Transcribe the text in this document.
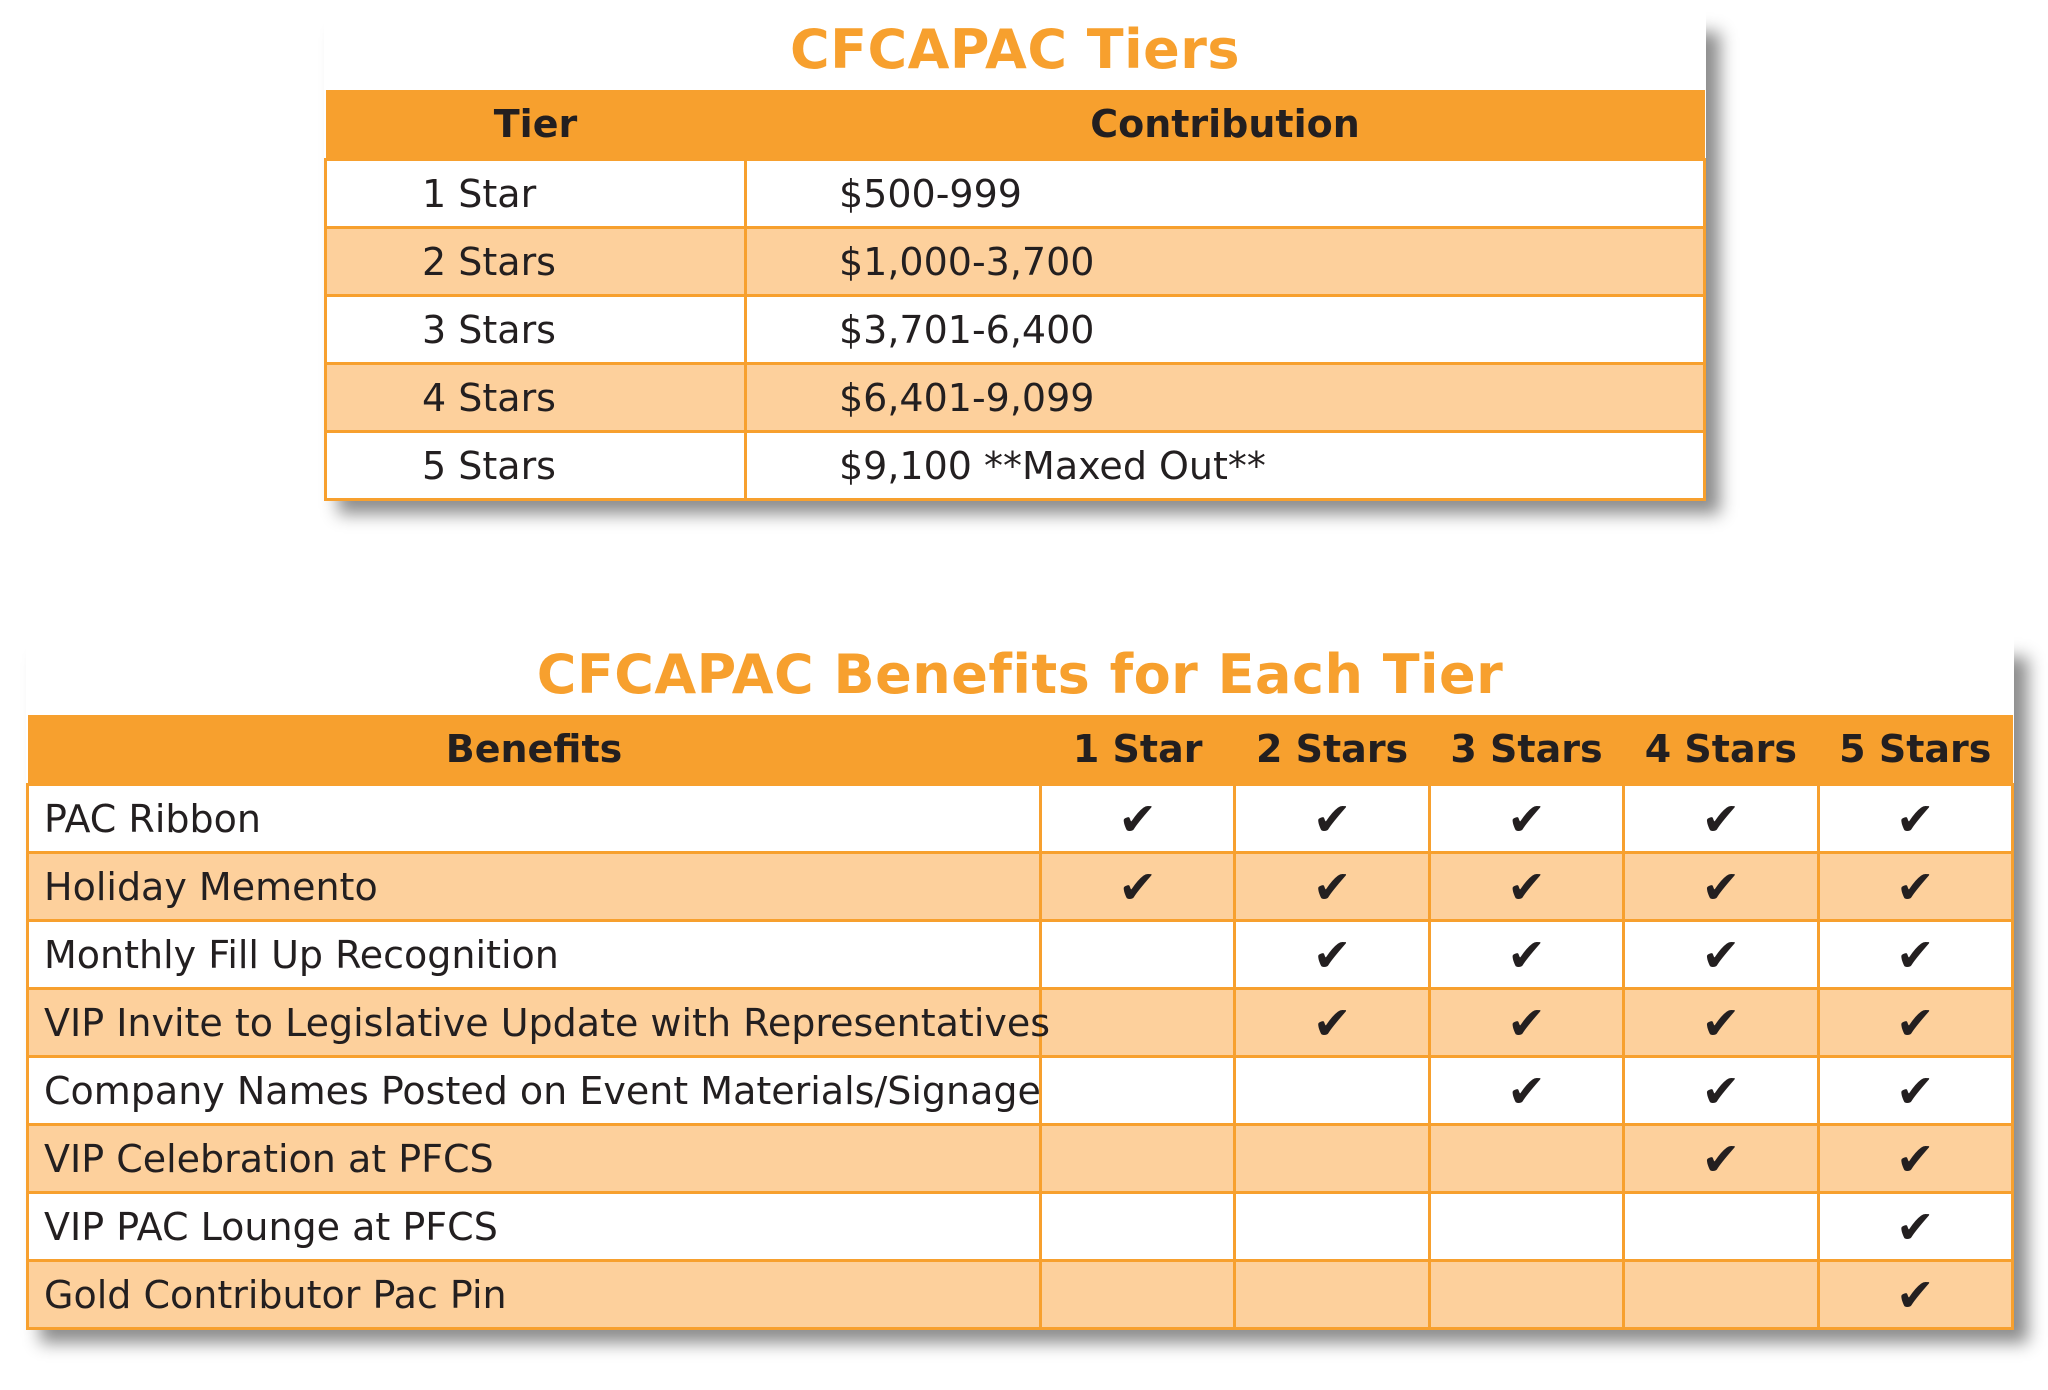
CFCAPAC Tiers
Tier	Contribution
1 Star	$500-999
2 Stars	$1,000-3,700
3 Stars	$3,701-6,400
4 Stars	$6,401-9,099
5 Stars	$9,100 **Maxed Out**
CFCAPAC Benefits for Each Tier
Benefits	1 Star	2 Stars	3 Stars	4 Stars	5 Stars
PAC Ribbon	✔	✔	✔	✔	✔
Holiday Memento	✔	✔	✔	✔	✔
Monthly Fill Up Recognition		✔	✔	✔	✔
VIP Invite to Legislative Update with Representatives		✔	✔	✔	✔
Company Names Posted on Event Materials/Signage			✔	✔	✔
VIP Celebration at PFCS				✔	✔
VIP PAC Lounge at PFCS					✔
Gold Contributor Pac Pin					✔
